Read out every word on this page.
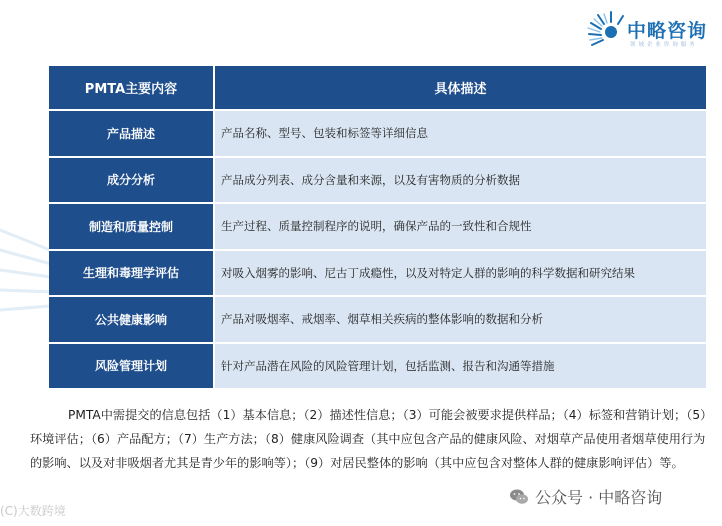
中略咨询
领 域 企 业 咨 询 服 务
PMTA主要内容	具体描述
产品描述	产品名称、型号、包装和标签等详细信息
成分分析	产品成分列表、成分含量和来源，以及有害物质的分析数据
制造和质量控制	生产过程、质量控制程序的说明，确保产品的一致性和合规性
生理和毒理学评估	对吸入烟雾的影响、尼古丁成瘾性，以及对特定人群的影响的科学数据和研究结果
公共健康影响	产品对吸烟率、戒烟率、烟草相关疾病的整体影响的数据和分析
风险管理计划	针对产品潜在风险的风险管理计划，包括监测、报告和沟通等措施

PMTA中需提交的信息包括（1）基本信息；（2）描述性信息；（3）可能会被要求提供样品；（4）标签和营销计划；（5）环境评估；（6）产品配方；（7）生产方法；（8）健康风险调查（其中应包含产品的健康风险、对烟草产品使用者烟草使用行为的影响、以及对非吸烟者尤其是青少年的影响等）；（9）对居民整体的影响（其中应包含对整体人群的健康影响评估）等。

公众号 · 中略咨询
(C)大数跨境
